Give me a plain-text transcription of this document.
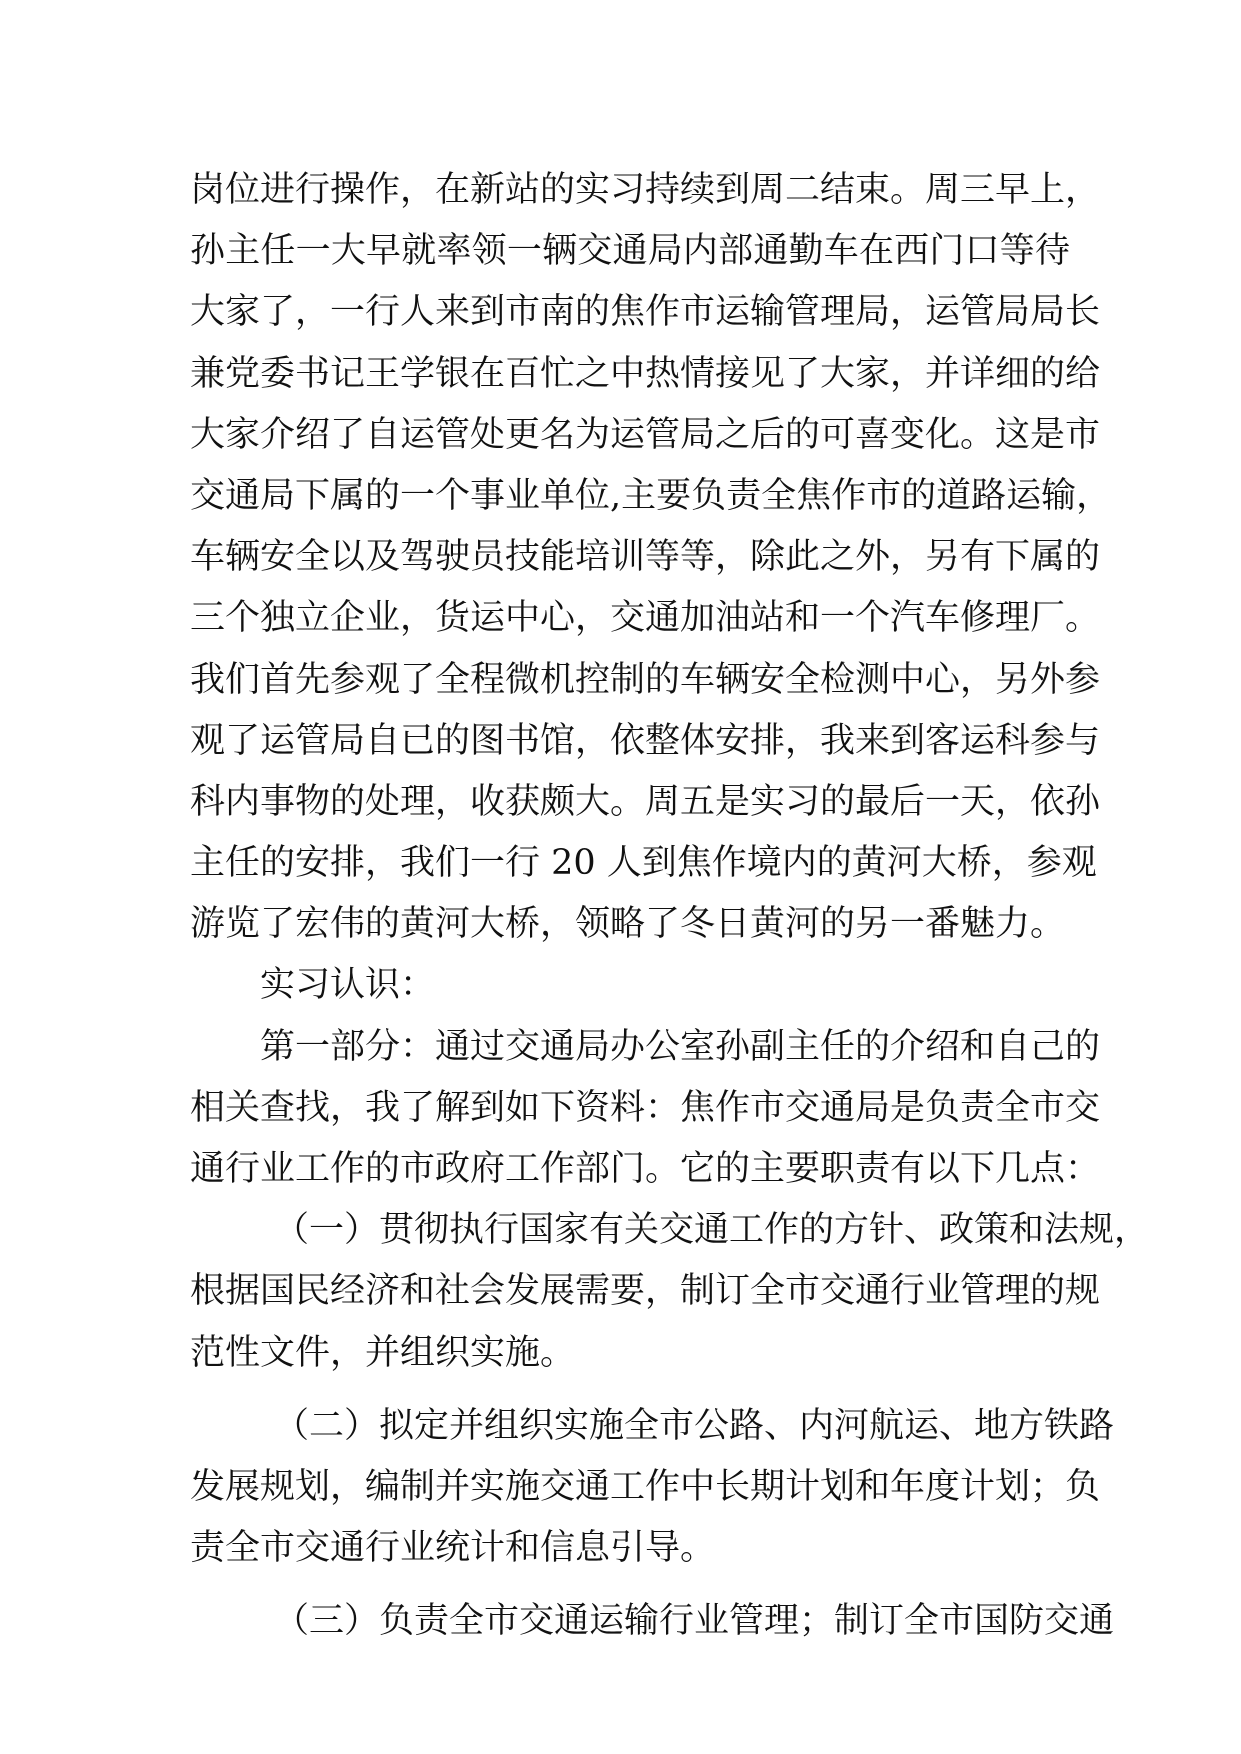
岗位进行操作，在新站的实习持续到周二结束。周三早上，
孙主任一大早就率领一辆交通局内部通勤车在西门口等待
大家了，一行人来到市南的焦作市运输管理局，运管局局长
兼党委书记王学银在百忙之中热情接见了大家，并详细的给
大家介绍了自运管处更名为运管局之后的可喜变化。这是市
交通局下属的一个事业单位,主要负责全焦作市的道路运输，
车辆安全以及驾驶员技能培训等等，除此之外，另有下属的
三个独立企业，货运中心，交通加油站和一个汽车修理厂。
我们首先参观了全程微机控制的车辆安全检测中心，另外参
观了运管局自已的图书馆，依整体安排，我来到客运科参与
科内事物的处理，收获颇大。周五是实习的最后一天，依孙
主任的安排，我们一行 20 人到焦作境内的黄河大桥，参观
游览了宏伟的黄河大桥，领略了冬日黄河的另一番魅力。
实习认识：
第一部分：通过交通局办公室孙副主任的介绍和自己的
相关查找，我了解到如下资料：焦作市交通局是负责全市交
通行业工作的市政府工作部门。它的主要职责有以下几点：
（一）贯彻执行国家有关交通工作的方针、政策和法规，
根据国民经济和社会发展需要，制订全市交通行业管理的规
范性文件，并组织实施。
（二）拟定并组织实施全市公路、内河航运、地方铁路
发展规划，编制并实施交通工作中长期计划和年度计划；负
责全市交通行业统计和信息引导。
（三）负责全市交通运输行业管理；制订全市国防交通
